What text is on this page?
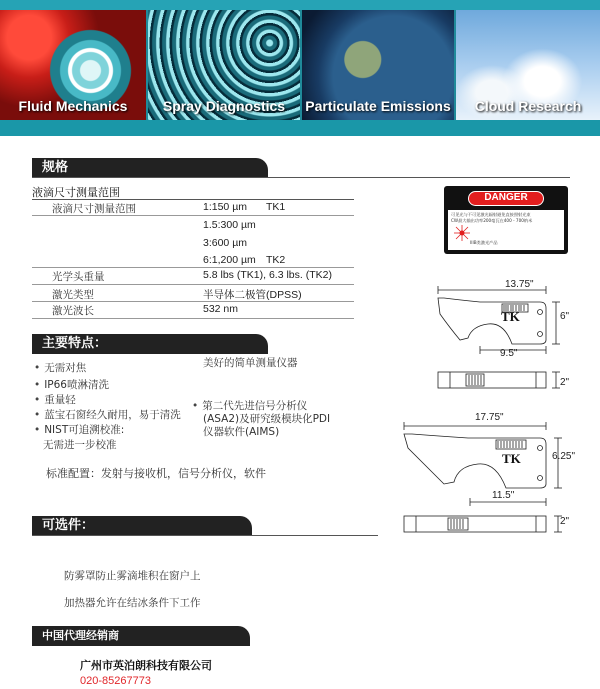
Fluid Mechanics	Spray Diagnostics	Particulate Emissions	Cloud Research
规格
液滴尺寸测量范围
液滴尺寸测量范围	1:150 µm TK1
1.5:300 µm
3:600 µm
6:1,200 µm TK2
光学头重量	5.8 lbs (TK1), 6.3 lbs. (TK2)
激光类型	半导体二极管(DPSS)
激光波长	532 nm
主要特点：
• 无需对焦
• IP66喷淋清洗
• 重量轻
• 蓝宝石窗经久耐用，易于清洗
• NIST可追溯校准:
无需进一步校准
美好的简单测量仪器
• 第二代先进信号分析仪
(ASA2)及研究级模块化PDI
仪器软件(AIMS)
标准配置：发射与接收机，信号分析仪，软件
DANGER
可见光与不可见激光辐射避免直接照射光束
CW最大输出功率200毫瓦在400 - 700纳米
IIIB类激光产品
13.75"
6"
9.5"
2"
TK
17.75"
6.25"
11.5"
2"
TK
可选件：
防雾罩防止雾滴堆积在窗户上
加热器允许在结冰条件下工作
中国代理经销商
广州市英泊朗科技有限公司
020-85267773
